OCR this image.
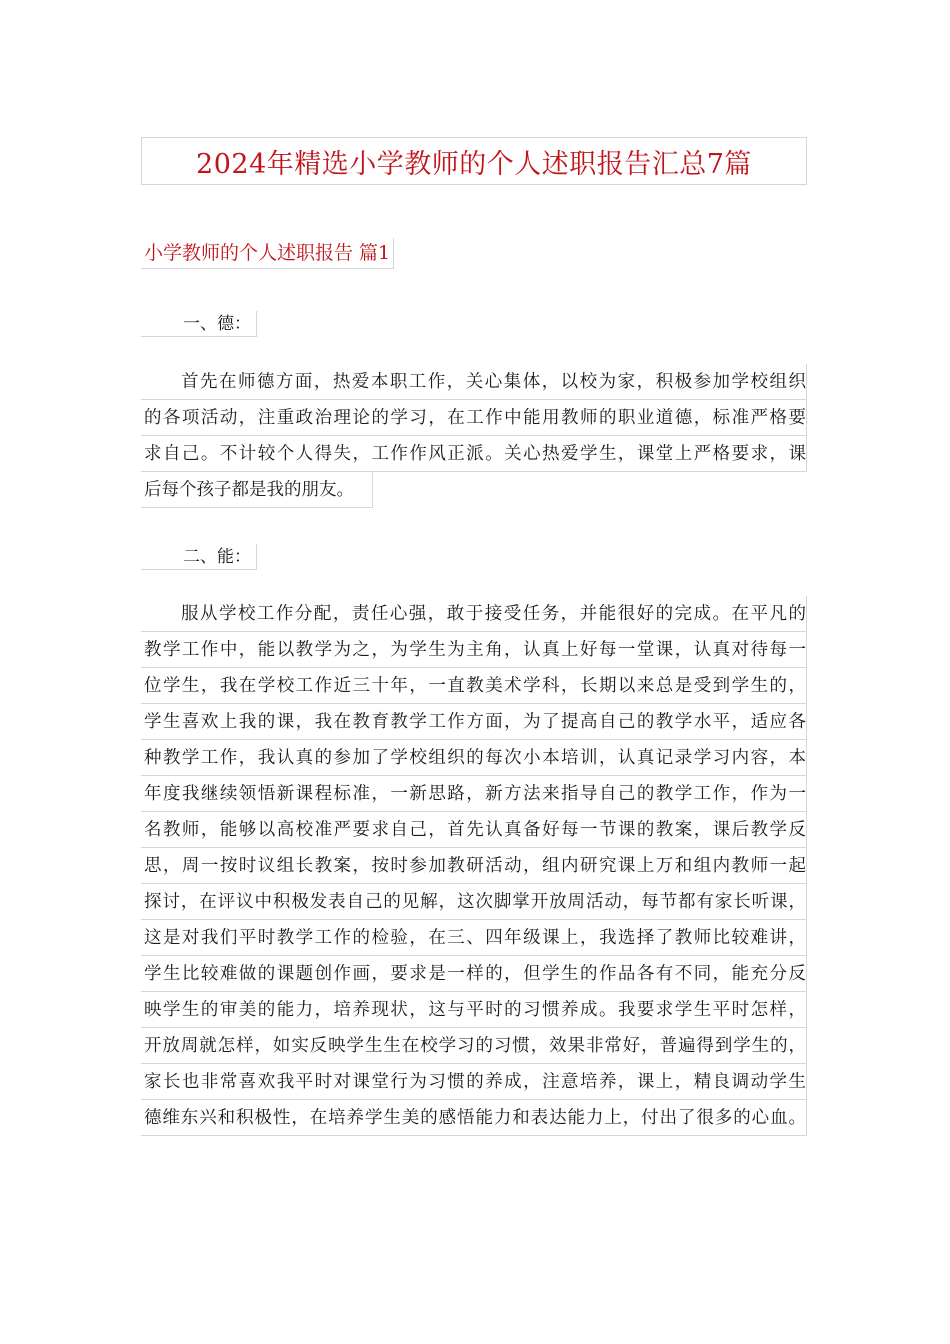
2024年精选小学教师的个人述职报告汇总7篇
小学教师的个人述职报告 篇1
一、德：
首先在师德方面，热爱本职工作，关心集体，以校为家，积极参加学校组织
的各项活动，注重政治理论的学习，在工作中能用教师的职业道德，标准严格要
求自己。不计较个人得失，工作作风正派。关心热爱学生，课堂上严格要求，课
后每个孩子都是我的朋友。
二、能：
服从学校工作分配，责任心强，敢于接受任务，并能很好的完成。在平凡的
教学工作中，能以教学为之，为学生为主角，认真上好每一堂课，认真对待每一
位学生，我在学校工作近三十年，一直教美术学科，长期以来总是受到学生的，
学生喜欢上我的课，我在教育教学工作方面，为了提高自己的教学水平，适应各
种教学工作，我认真的参加了学校组织的每次小本培训，认真记录学习内容，本
年度我继续领悟新课程标准，一新思路，新方法来指导自己的教学工作，作为一
名教师，能够以高校准严要求自己，首先认真备好每一节课的教案，课后教学反
思，周一按时议组长教案，按时参加教研活动，组内研究课上万和组内教师一起
探讨，在评议中积极发表自己的见解，这次脚掌开放周活动，每节都有家长听课，
这是对我们平时教学工作的检验，在三、四年级课上，我选择了教师比较难讲，
学生比较难做的课题创作画，要求是一样的，但学生的作品各有不同，能充分反
映学生的审美的能力，培养现状，这与平时的习惯养成。我要求学生平时怎样，
开放周就怎样，如实反映学生生在校学习的习惯，效果非常好，普遍得到学生的，
家长也非常喜欢我平时对课堂行为习惯的养成，注意培养，课上，精良调动学生
德维东兴和积极性，在培养学生美的感悟能力和表达能力上，付出了很多的心血。
